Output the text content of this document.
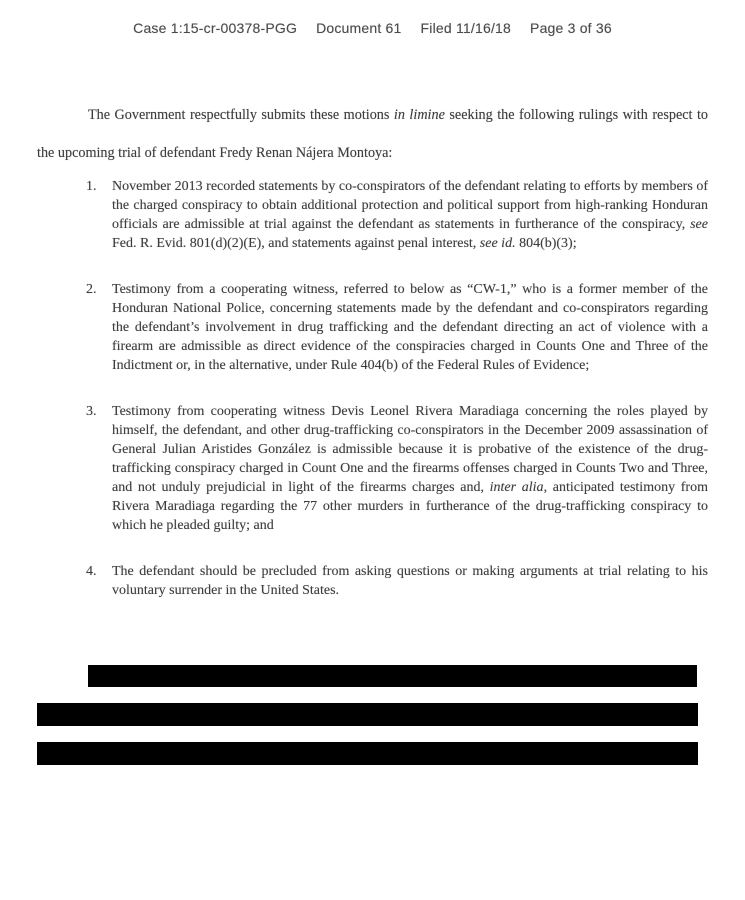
Case 1:15-cr-00378-PGG Document 61 Filed 11/16/18 Page 3 of 36

The Government respectfully submits these motions in limine seeking the following rulings with respect to the upcoming trial of defendant Fredy Renan Nájera Montoya:

1.	November 2013 recorded statements by co-conspirators of the defendant relating to efforts by members of the charged conspiracy to obtain additional protection and political support from high-ranking Honduran officials are admissible at trial against the defendant as statements in furtherance of the conspiracy, see Fed. R. Evid. 801(d)(2)(E), and statements against penal interest, see id. 804(b)(3);
2.	Testimony from a cooperating witness, referred to below as “CW-1,” who is a former member of the Honduran National Police, concerning statements made by the defendant and co-conspirators regarding the defendant’s involvement in drug trafficking and the defendant directing an act of violence with a firearm are admissible as direct evidence of the conspiracies charged in Counts One and Three of the Indictment or, in the alternative, under Rule 404(b) of the Federal Rules of Evidence;
3.	Testimony from cooperating witness Devis Leonel Rivera Maradiaga concerning the roles played by himself, the defendant, and other drug-trafficking co-conspirators in the December 2009 assassination of General Julian Aristides González is admissible because it is probative of the existence of the drug-trafficking conspiracy charged in Count One and the firearms offenses charged in Counts Two and Three, and not unduly prejudicial in light of the firearms charges and, inter alia, anticipated testimony from Rivera Maradiaga regarding the 77 other murders in furtherance of the drug-trafficking conspiracy to which he pleaded guilty; and
4.	The defendant should be precluded from asking questions or making arguments at trial relating to his voluntary surrender in the United States.
